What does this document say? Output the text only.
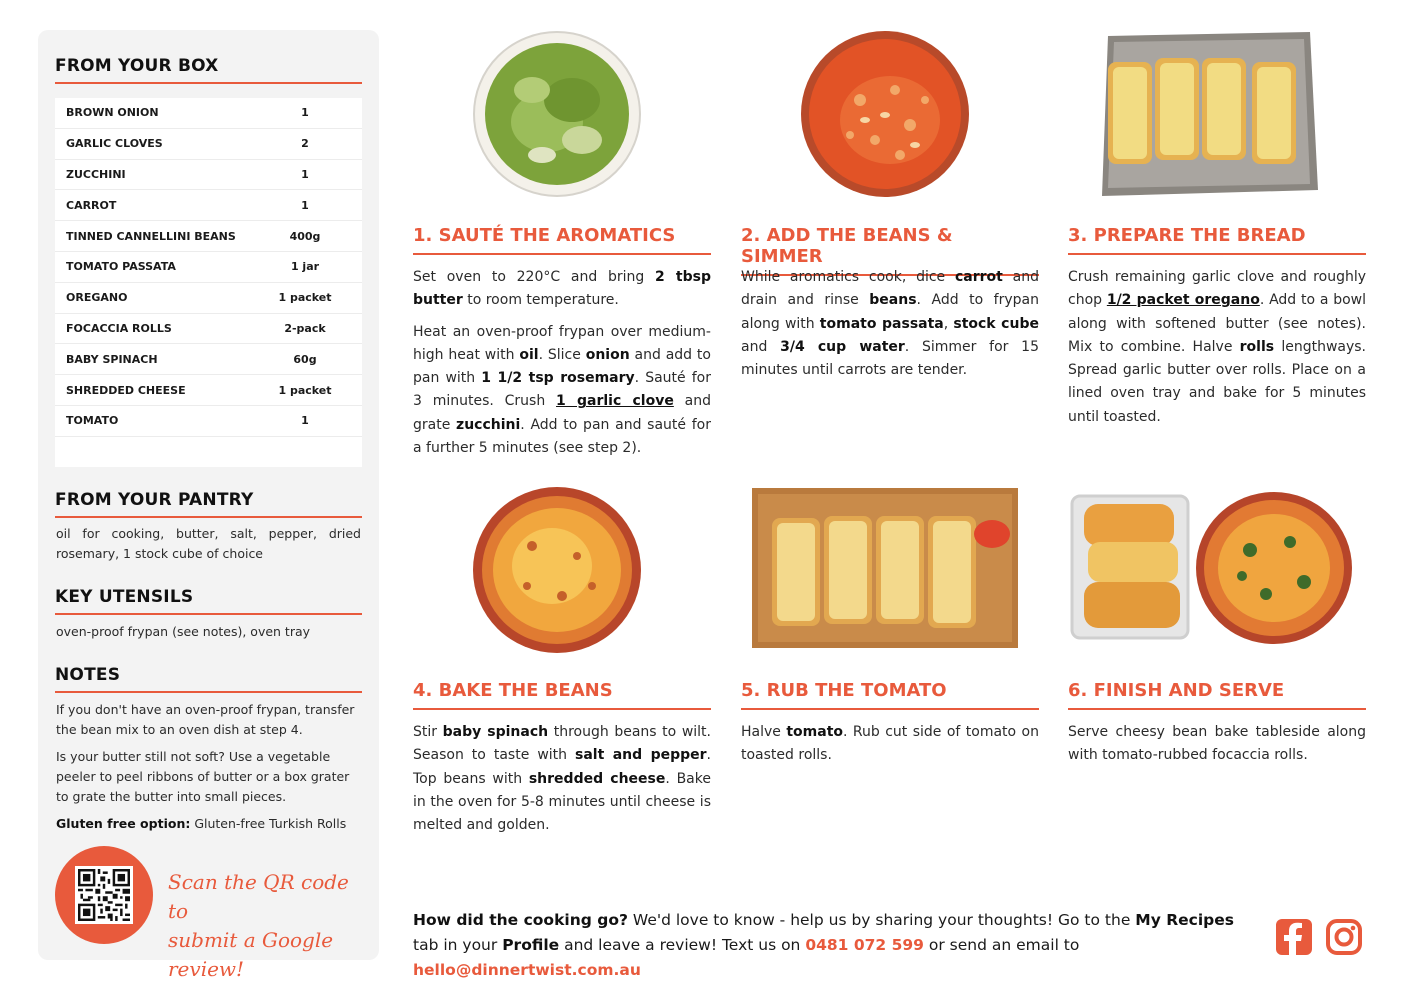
FROM YOUR BOX
BROWN ONION	1
GARLIC CLOVES	2
ZUCCHINI	1
CARROT	1
TINNED CANNELLINI BEANS	400g
TOMATO PASSATA	1 jar
OREGANO	1 packet
FOCACCIA ROLLS	2-pack
BABY SPINACH	60g
SHREDDED CHEESE	1 packet
TOMATO	1
FROM YOUR PANTRY
oil for cooking, butter, salt, pepper, dried rosemary, 1 stock cube of choice
KEY UTENSILS
oven-proof frypan (see notes), oven tray
NOTES

If you don't have an oven-proof frypan, transfer the bean mix to an oven dish at step 4.

Is your butter still not soft? Use a vegetable peeler to peel ribbons of butter or a box grater to grate the butter into small pieces.

Gluten free option: Gluten-free Turkish Rolls

Scan the QR code to
submit a Google review!
1. SAUTÉ THE AROMATICS

Set oven to 220°C and bring 2 tbsp butter to room temperature.

Heat an oven-proof frypan over medium-high heat with oil. Slice onion and add to pan with 1 1/2 tsp rosemary. Sauté for 3 minutes. Crush 1 garlic clove and grate zucchini. Add to pan and sauté for a further 5 minutes (see step 2).

2. ADD THE BEANS & SIMMER

While aromatics cook, dice carrot and drain and rinse beans. Add to frypan along with tomato passata, stock cube and 3/4 cup water. Simmer for 15 minutes until carrots are tender.

3. PREPARE THE BREAD

Crush remaining garlic clove and roughly chop 1/2 packet oregano. Add to a bowl along with softened butter (see notes). Mix to combine. Halve rolls lengthways. Spread garlic butter over rolls. Place on a lined oven tray and bake for 5 minutes until toasted.

4. BAKE THE BEANS

Stir baby spinach through beans to wilt. Season to taste with salt and pepper. Top beans with shredded cheese. Bake in the oven for 5-8 minutes until cheese is melted and golden.

5. RUB THE TOMATO

Halve tomato. Rub cut side of tomato on toasted rolls.

6. FINISH AND SERVE

Serve cheesy bean bake tableside along with tomato-rubbed focaccia rolls.

How did the cooking go? We'd love to know - help us by sharing your thoughts! Go to the My Recipes tab in your Profile and leave a review! Text us on 0481 072 599 or send an email to hello@dinnertwist.com.au
